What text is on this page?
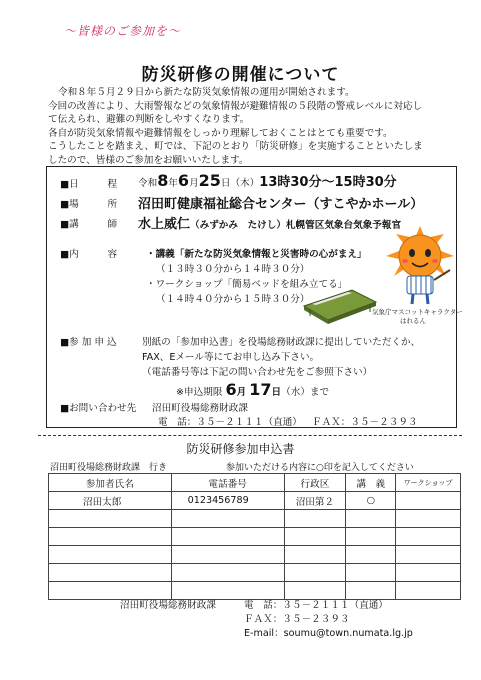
～皆様のご参加を～
防災研修の開催について
令和８年５月２９日から新たな防災気象情報の運用が開始されます。
今回の改善により、大雨警報などの気象情報が避難情報の５段階の警戒レベルに対応し
て伝えられ、避難の判断をしやすくなります。
各自が防災気象情報や避難情報をしっかり理解しておくことはとても重要です。
こうしたことを踏まえ、町では、下記のとおり「防災研修」を実施することといたしま
したので、皆様のご参加をお願いいたします。
■日　　　程 令和8年6月25日（木）13時30分～15時30分
■場　　　所 沼田町健康福祉総合センター（すこやかホール）
■講　　　師 水上威仁（みずかみ　たけし）札幌管区気象台気象予報官
■内　　　容	・講義「新たな防災気象情報と災害時の心がまえ」
（１３時３０分から１４時３０分）
・ワークショップ「簡易ベッドを組み立てる」
（１４時４０分から１５時３０分）
気象庁マスコットキャラクター
はれるん
■参 加 申 込	別紙の「参加申込書」を役場総務財政課に提出していただくか、
FAX、Eメール等にてお申し込み下さい。
（電話番号等は下記の問い合わせ先をご参照下さい）
※申込期限 6月 17日（水）まで
■お問い合わせ先 沼田町役場総務財政課
電　話：３５－２１１１（直通） ＦＡＸ：３５－２３９３
防災研修参加申込書
沼田町役場総務財政課　行き	参加いただける内容に○印を記入してください
参加者氏名	電話番号	行政区	講　義	ワークショップ
沼田太郎	0123456789	沼田第２	○	

沼田町役場総務財政課	電　話：３５－２１１１（直通）
ＦＡＸ：３５－２３９３
E-mail：soumu@town.numata.lg.jp
